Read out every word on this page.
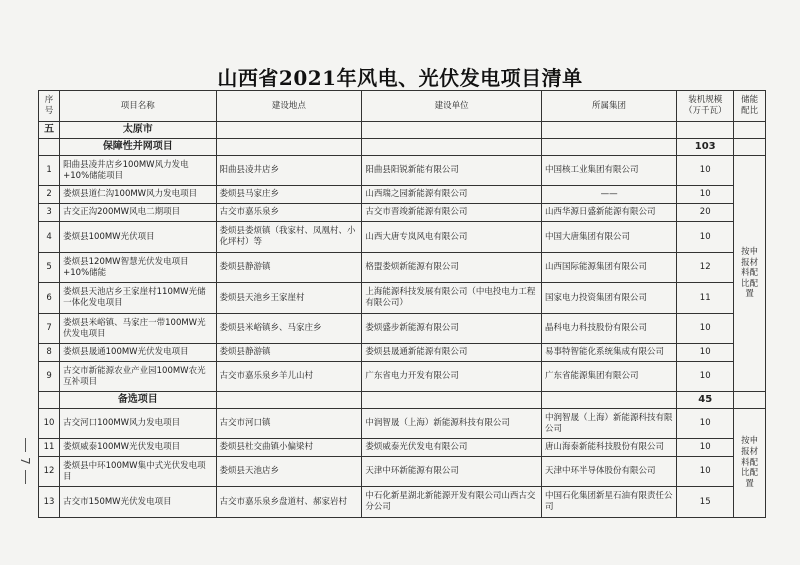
山西省2021年风电、光伏发电项目清单
7
序号	项目名称	建设地点	建设单位	所属集团	装机规模（万千瓦）	储能配比
五	太原市					
	保障性并网项目				103	
1	阳曲县凌井店乡100MW风力发电+10%储能项目	阳曲县凌井店乡	阳曲县阳锐新能有限公司	中国核工业集团有限公司	10	按申报材料配比配置
2	娄烦县道仁沟100MW风力发电项目	娄烦县马家庄乡	山西瑞之园新能源有限公司	——	10	
3	古交正沟200MW风电二期项目	古交市嘉乐泉乡	古交市晋竣新能源有限公司	山西华源日盛新能源有限公司	20	
4	娄烦县100MW光伏项目	娄烦县娄烦镇（我家村、凤凰村、小化坪村）等	山西大唐专岚风电有限公司	中国大唐集团有限公司	10	
5	娄烦县120MW智慧光伏发电项目+10%储能	娄烦县静游镇	格盟娄烦新能源有限公司	山西国际能源集团有限公司	12	
6	娄烦县天池店乡王家崖村110MW光储一体化发电项目	娄烦县天池乡王家崖村	上海能源科技发展有限公司（中电投电力工程有限公司）	国家电力投资集团有限公司	11	
7	娄烦县米峪镇、马家庄一带100MW光伏发电项目	娄烦县米峪镇乡、马家庄乡	娄烦盛步新能源有限公司	晶科电力科技股份有限公司	10	
8	娄烦县晟通100MW光伏发电项目	娄烦县静游镇	娄烦县晟通新能源有限公司	易事特智能化系统集成有限公司	10	
9	古交市新能源农业产业园100MW农光互补项目	古交市嘉乐泉乡羊儿山村	广东省电力开发有限公司	广东省能源集团有限公司	10	
	备选项目				45	
10	古交河口100MW风力发电项目	古交市河口镇	中润智晟（上海）新能源科技有限公司	中润智晟（上海）新能源科技有限公司	10	按申报材料配比配置
11	娄烦威泰100MW光伏发电项目	娄烦县杜交曲镇小偏梁村	娄烦威泰光伏发电有限公司	唐山海泰新能科技股份有限公司	10	
12	娄烦县中环100MW集中式光伏发电项目	娄烦县天池店乡	天津中环新能源有限公司	天津中环半导体股份有限公司	10	
13	古交市150MW光伏发电项目	古交市嘉乐泉乡盘道村、郝家岩村	中石化新星湖北新能源开发有限公司山西古交分公司	中国石化集团新星石油有限责任公司	15	
